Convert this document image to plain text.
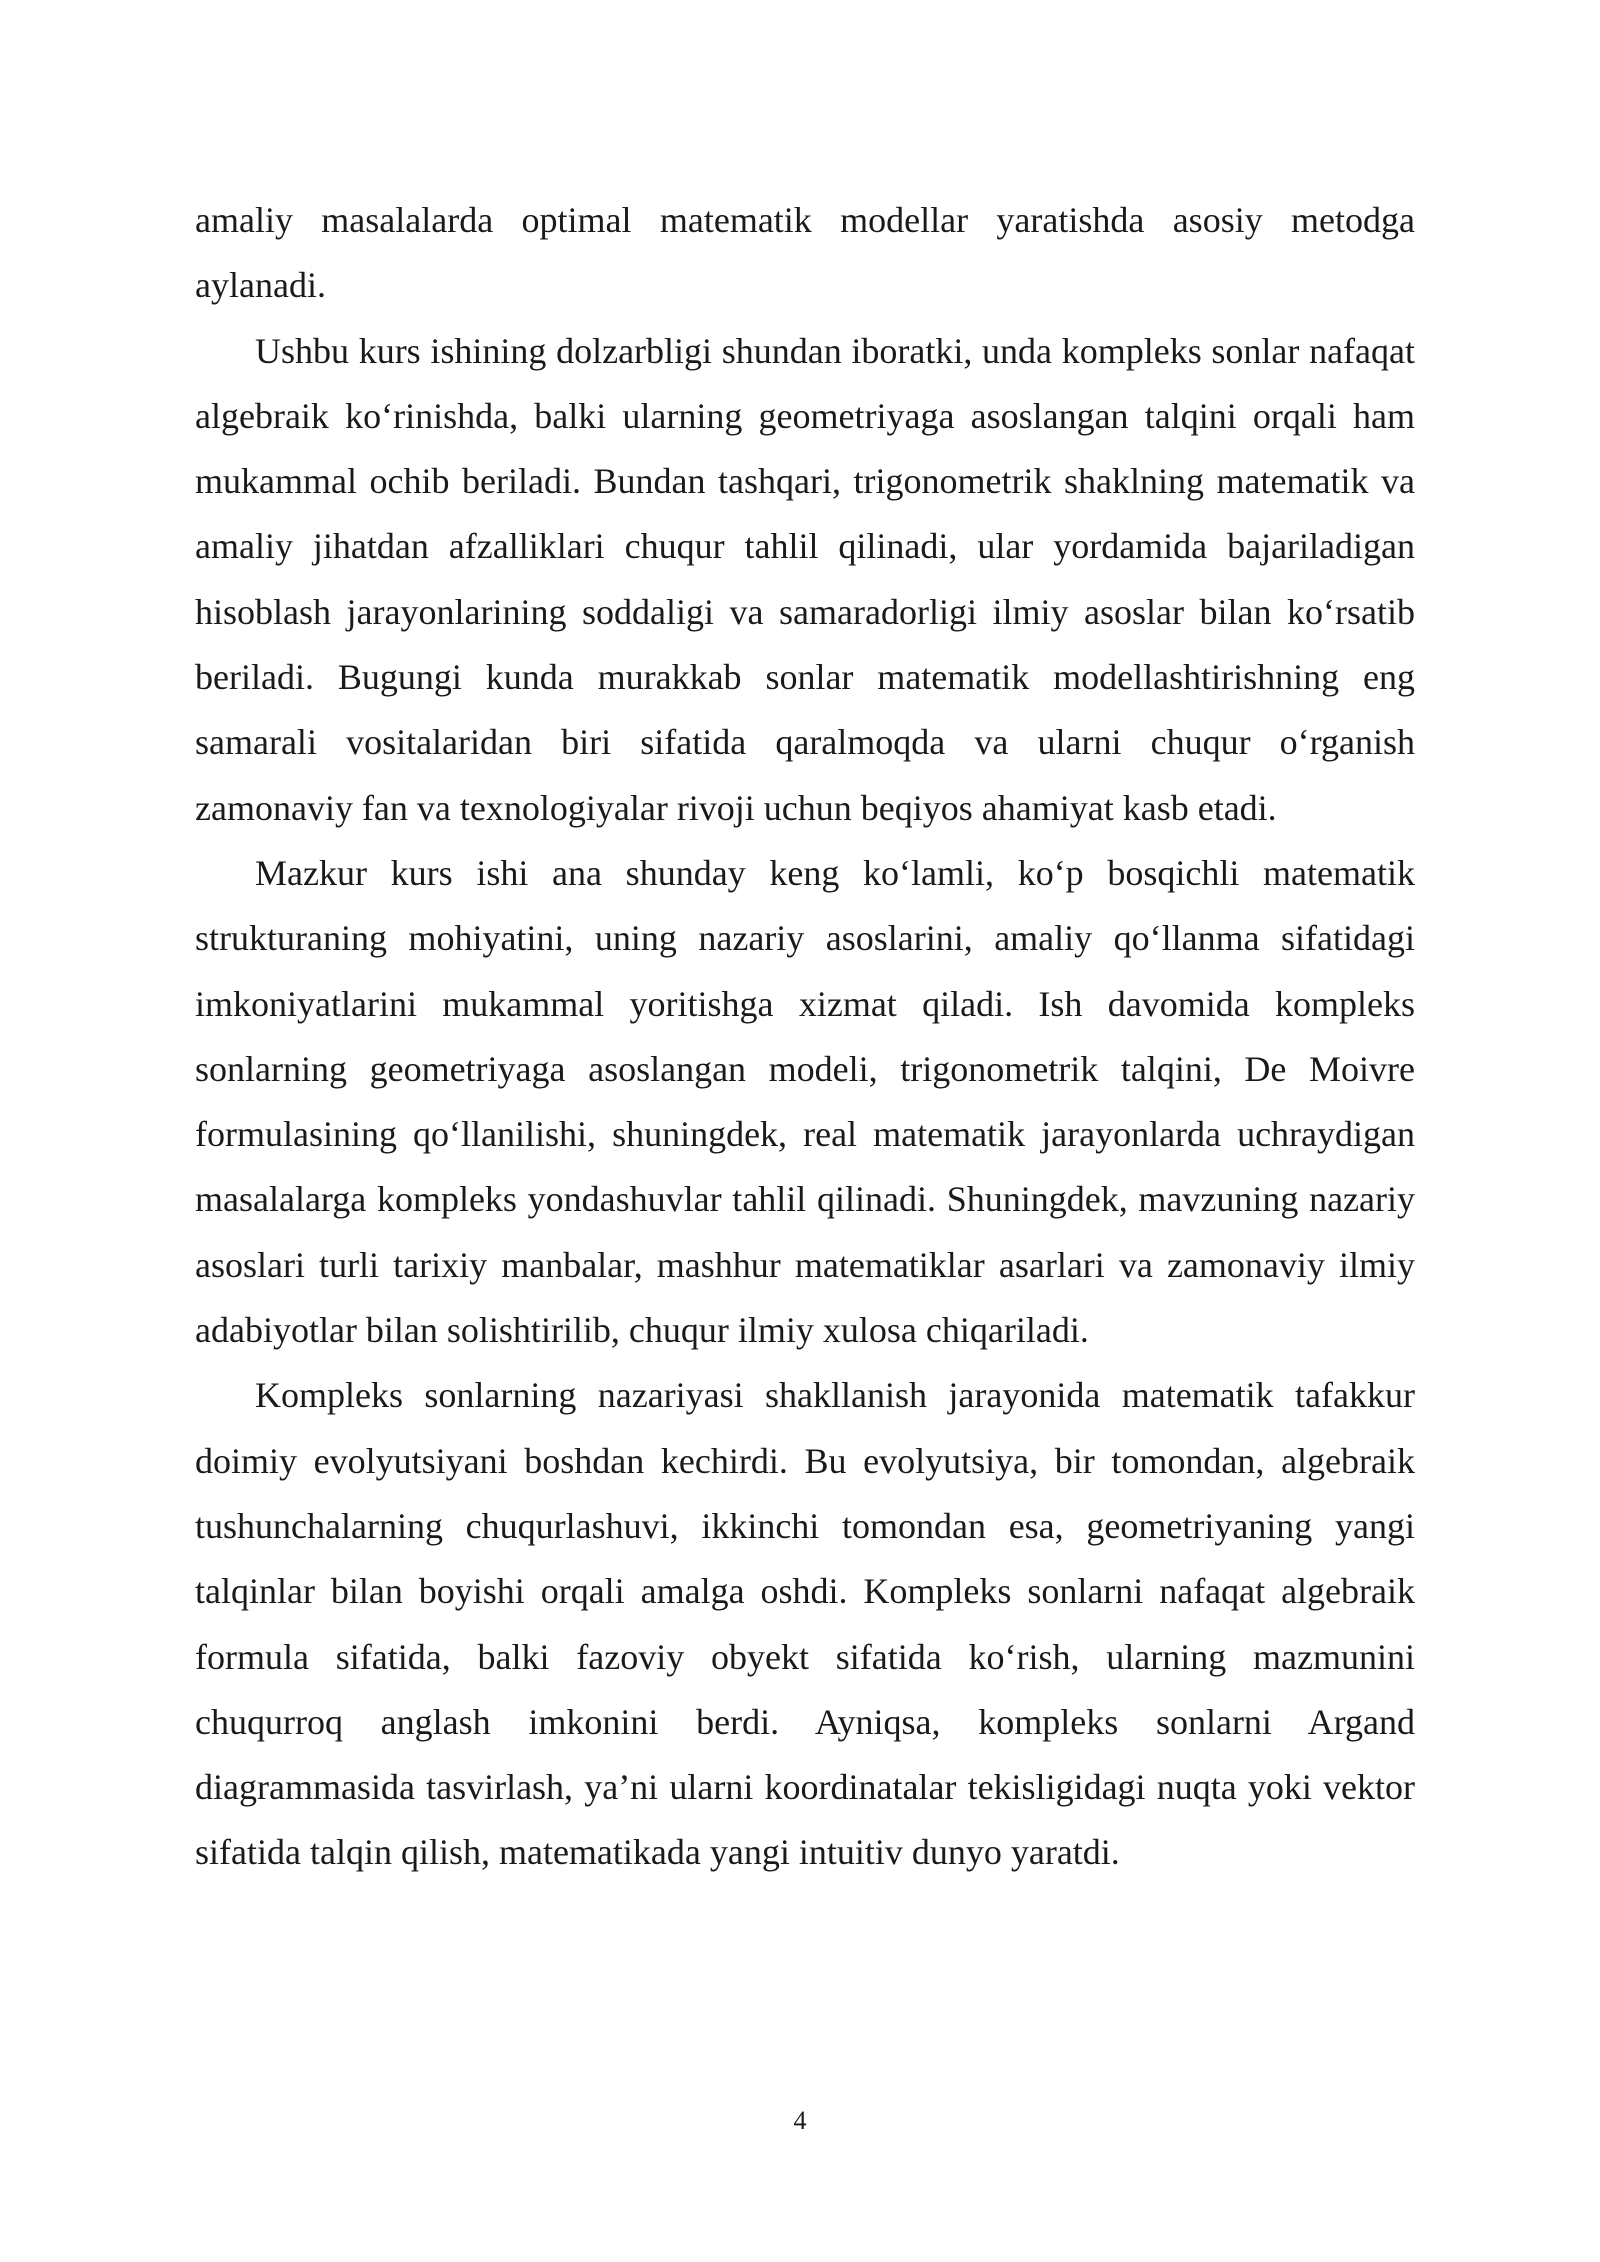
amaliy masalalarda optimal matematik modellar yaratishda asosiy metodga aylanadi.

Ushbu kurs ishining dolzarbligi shundan iboratki, unda kompleks sonlar nafaqat algebraik ko‘rinishda, balki ularning geometriyaga asoslangan talqini orqali ham mukammal ochib beriladi. Bundan tashqari, trigonometrik shaklning matematik va amaliy jihatdan afzalliklari chuqur tahlil qilinadi, ular yordamida bajariladigan hisoblash jarayonlarining soddaligi va samaradorligi ilmiy asoslar bilan ko‘rsatib beriladi. Bugungi kunda murakkab sonlar matematik modellashtirishning eng samarali vositalaridan biri sifatida qaralmoqda va ularni chuqur o‘rganish zamonaviy fan va texnologiyalar rivoji uchun beqiyos ahamiyat kasb etadi.

Mazkur kurs ishi ana shunday keng ko‘lamli, ko‘p bosqichli matematik strukturaning mohiyatini, uning nazariy asoslarini, amaliy qo‘llanma sifatidagi imkoniyatlarini mukammal yoritishga xizmat qiladi. Ish davomida kompleks sonlarning geometriyaga asoslangan modeli, trigonometrik talqini, De Moivre formulasining qo‘llanilishi, shuningdek, real matematik jarayonlarda uchraydigan masalalarga kompleks yondashuvlar tahlil qilinadi. Shuningdek, mavzuning nazariy asoslari turli tarixiy manbalar, mashhur matematiklar asarlari va zamonaviy ilmiy adabiyotlar bilan solishtirilib, chuqur ilmiy xulosa chiqariladi.

Kompleks sonlarning nazariyasi shakllanish jarayonida matematik tafakkur doimiy evolyutsiyani boshdan kechirdi. Bu evolyutsiya, bir tomondan, algebraik tushunchalarning chuqurlashuvi, ikkinchi tomondan esa, geometriyaning yangi talqinlar bilan boyishi orqali amalga oshdi. Kompleks sonlarni nafaqat algebraik formula sifatida, balki fazoviy obyekt sifatida ko‘rish, ularning mazmunini chuqurroq anglash imkonini berdi. Ayniqsa, kompleks sonlarni Argand diagrammasida tasvirlash, ya’ni ularni koordinatalar tekisligidagi nuqta yoki vektor sifatida talqin qilish, matematikada yangi intuitiv dunyo yaratdi.

4
